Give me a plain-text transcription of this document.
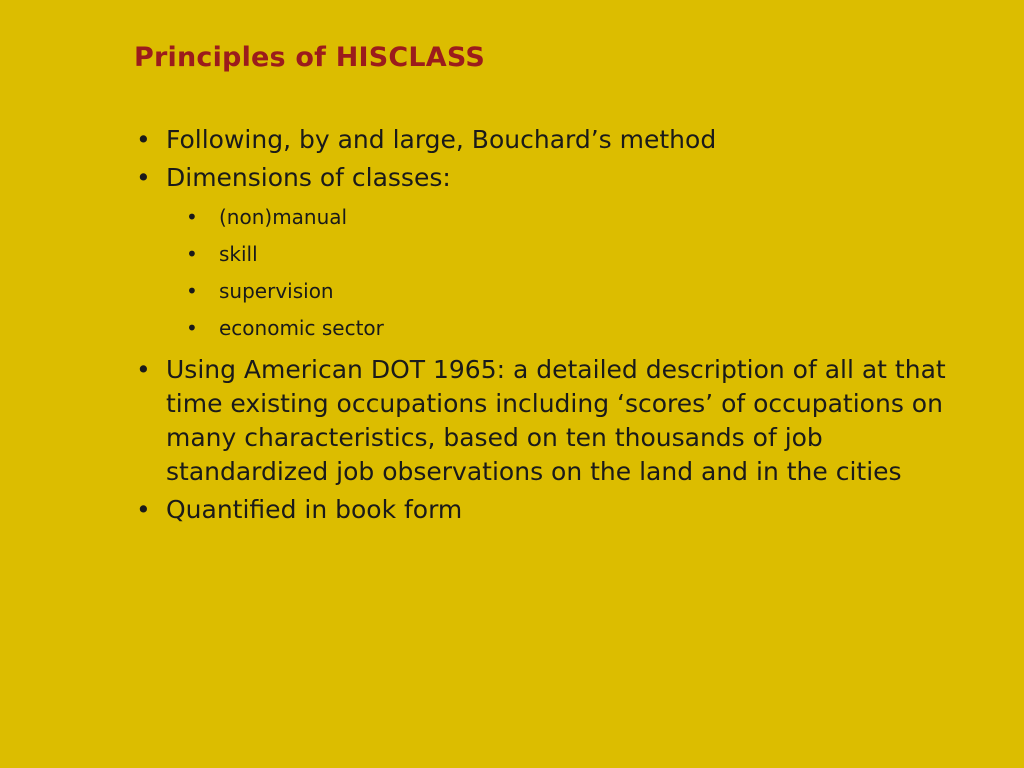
Principles of HISCLASS
• Following, by and large, Bouchard’s method
• Dimensions of classes:
• (non)manual
• skill
• supervision
• economic sector
• Using American DOT 1965: a detailed description of all at that time existing occupations including ‘scores’ of occupations on many characteristics, based on ten thousands of job standardized job observations on the land and in the cities
• Quantified in book form
